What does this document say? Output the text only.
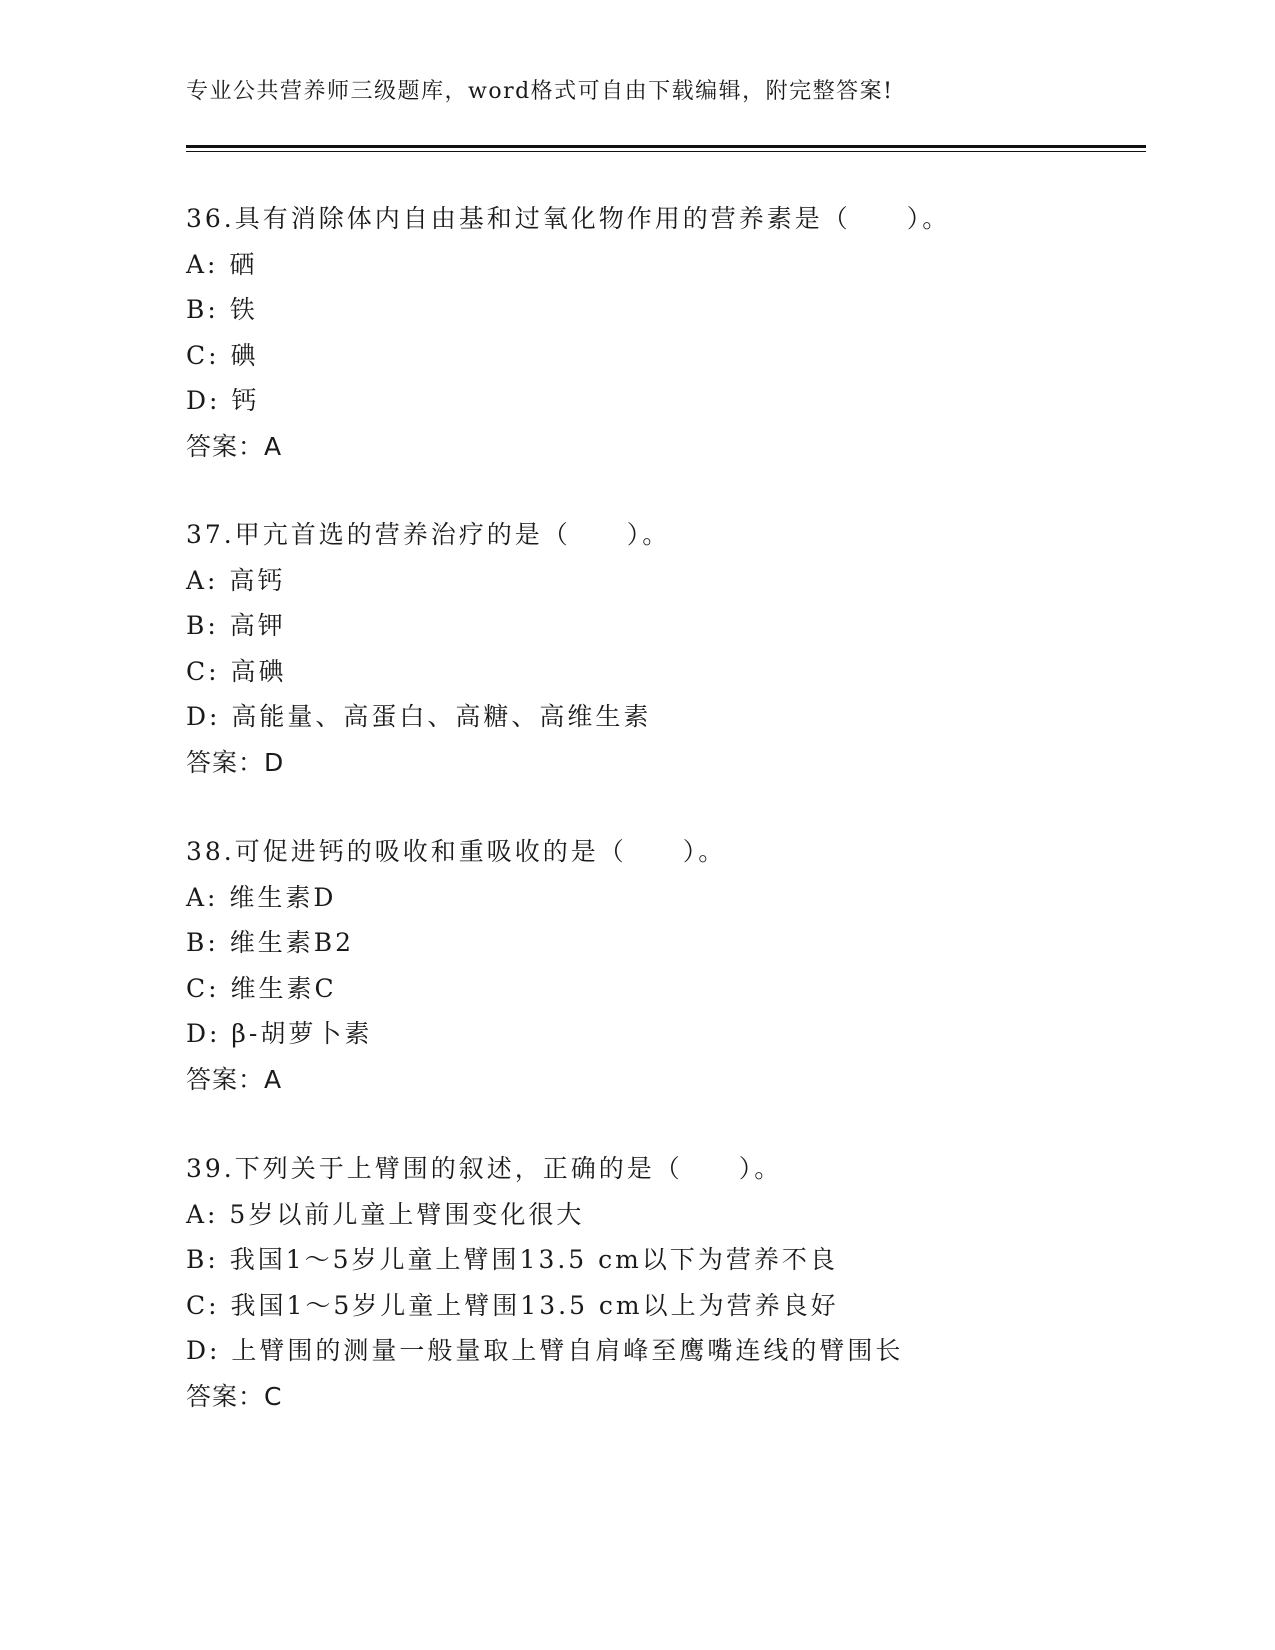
专业公共营养师三级题库，word格式可自由下载编辑，附完整答案!
36.具有消除体内自由基和过氧化物作用的营养素是（　　）。
A: 硒
B: 铁
C: 碘
D: 钙
答案：A
37.甲亢首选的营养治疗的是（　　）。
A: 高钙
B: 高钾
C: 高碘
D: 高能量、高蛋白、高糖、高维生素
答案：D
38.可促进钙的吸收和重吸收的是（　　）。
A: 维生素D
B: 维生素B2
C: 维生素C
D: β-胡萝卜素
答案：A
39.下列关于上臂围的叙述，正确的是（　　）。
A: 5岁以前儿童上臂围变化很大
B: 我国1～5岁儿童上臂围13.5 cm以下为营养不良
C: 我国1～5岁儿童上臂围13.5 cm以上为营养良好
D: 上臂围的测量一般量取上臂自肩峰至鹰嘴连线的臂围长
答案：C
